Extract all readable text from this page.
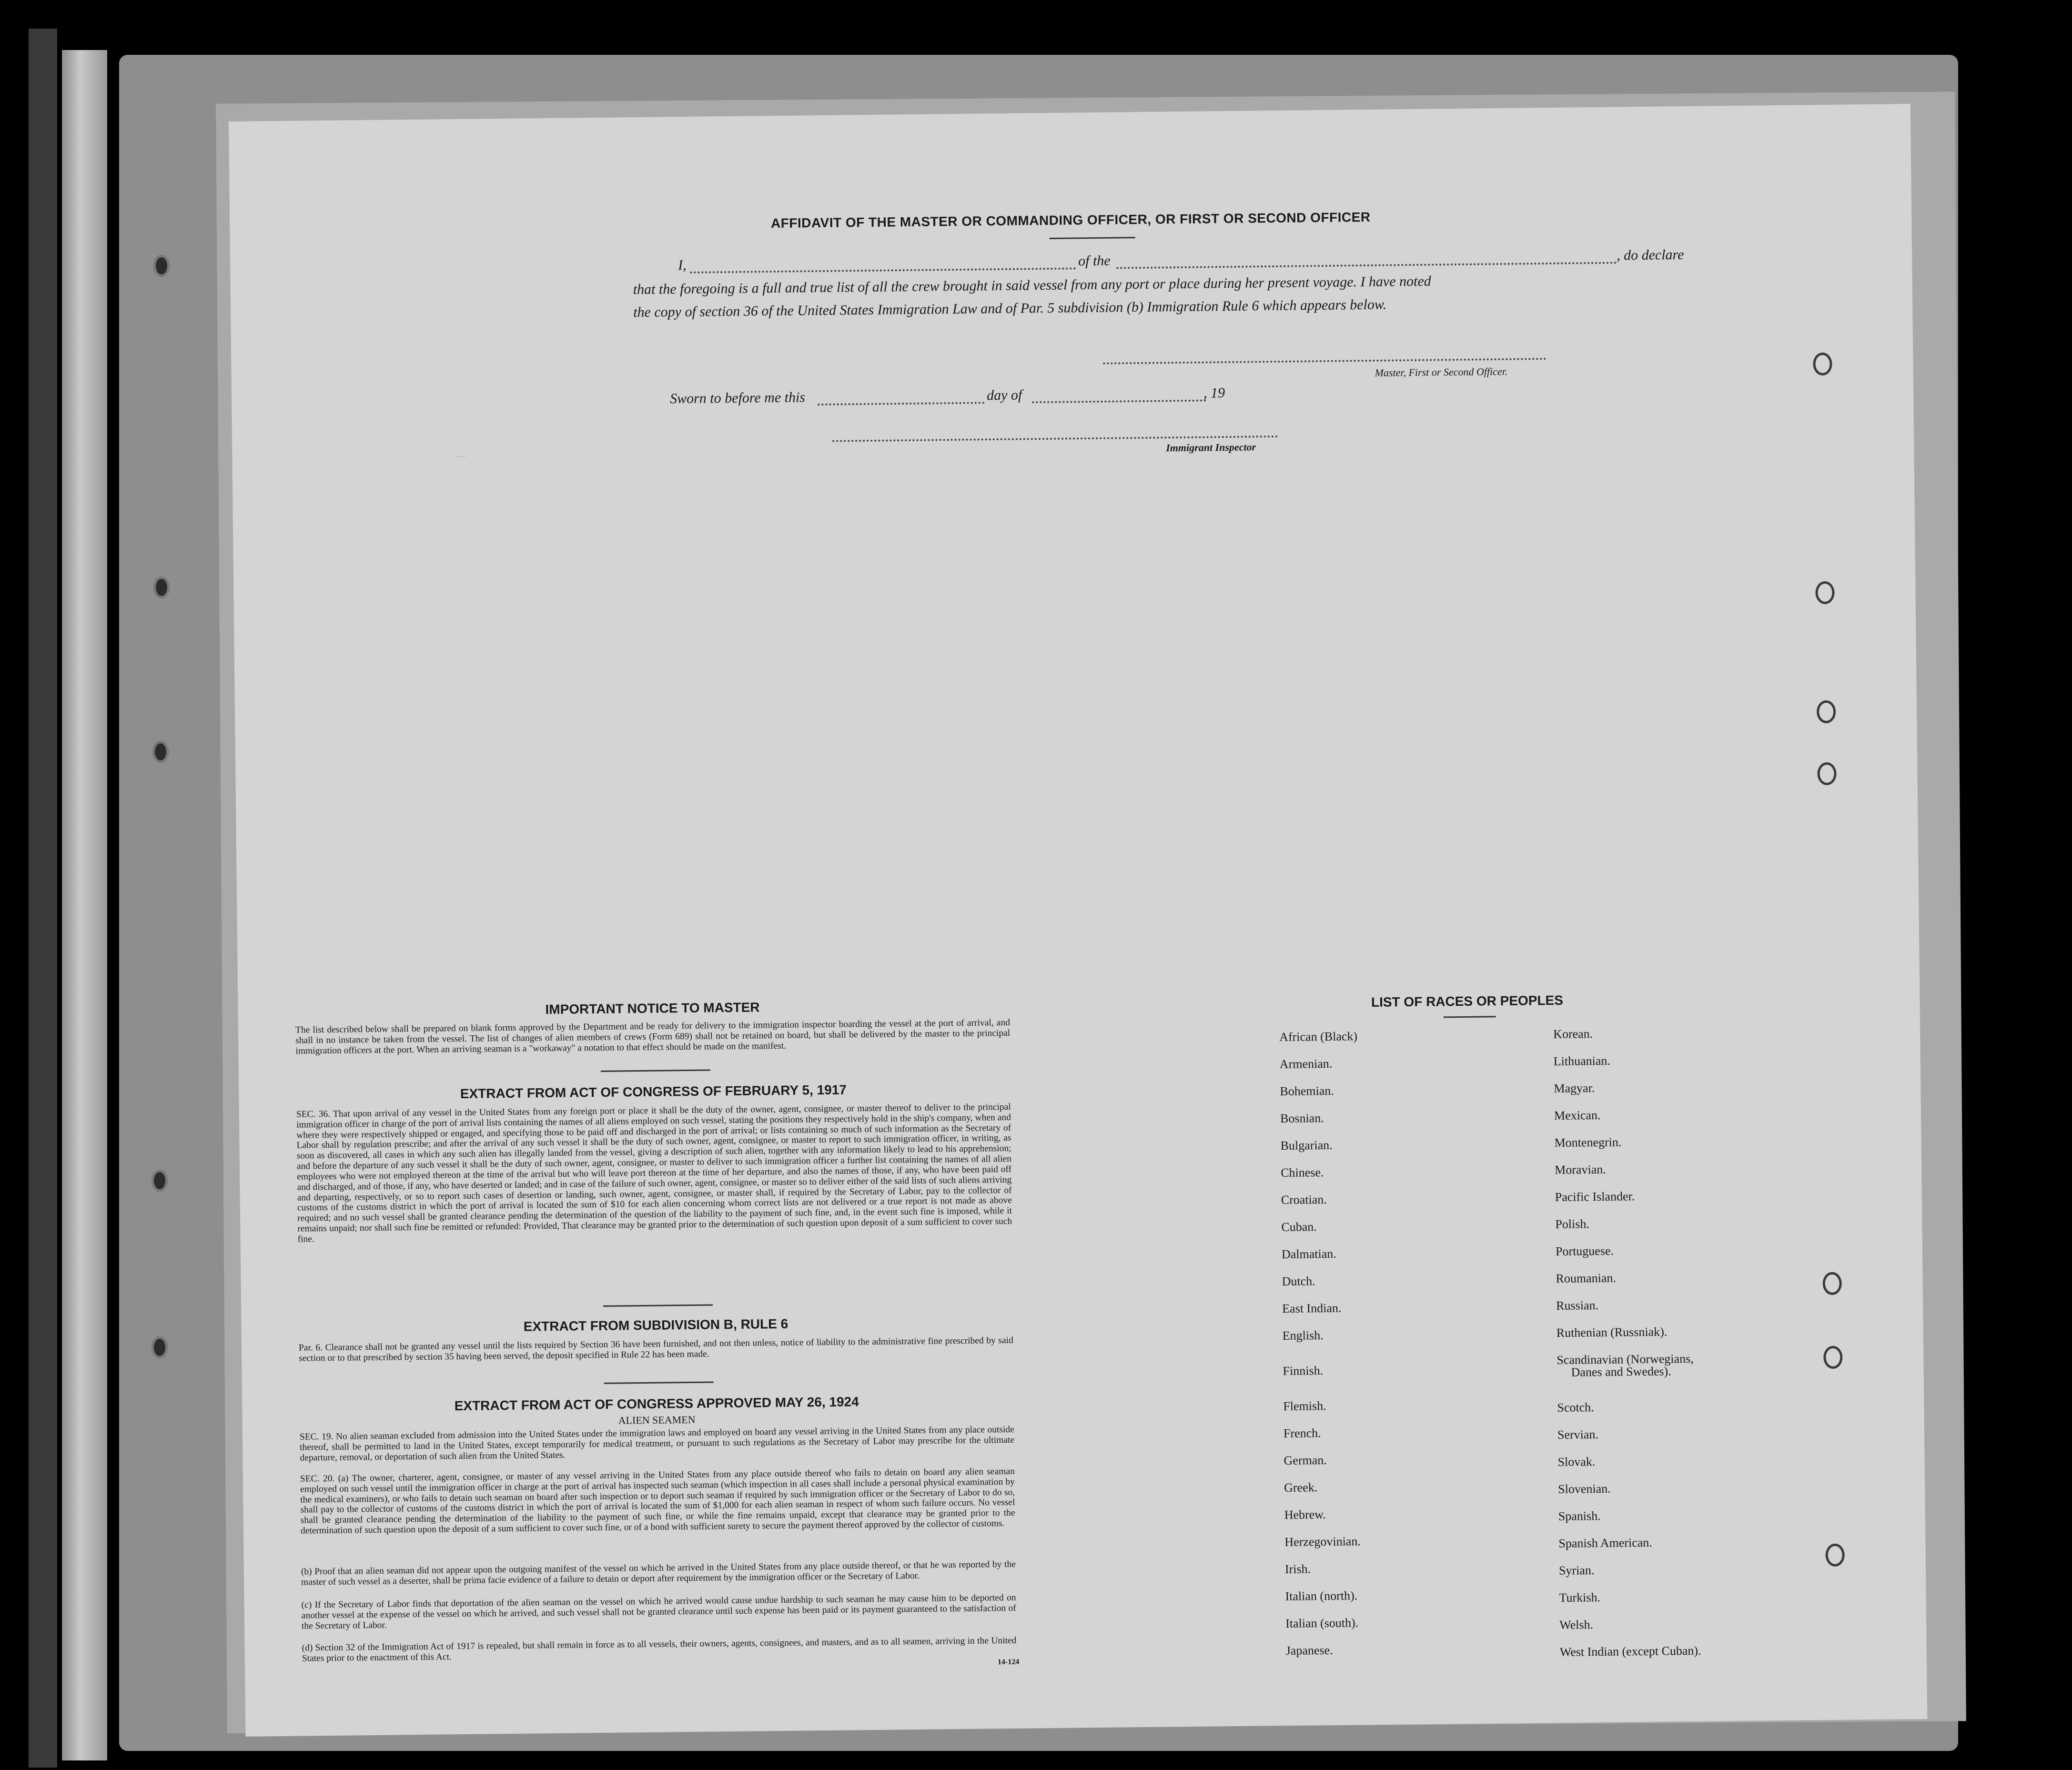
—
AFFIDAVIT OF THE MASTER OR COMMANDING OFFICER, OR FIRST OR SECOND OFFICER
I,	of the	, do declare
that the foregoing is a full and true list of all the crew brought in said vessel from any port or place during her present voyage. I have noted
the copy of section 36 of the United States Immigration Law and of Par. 5 subdivision (b) Immigration Rule 6 which appears below.
Master, First or Second Officer.
Sworn to before me this	day of	, 19
Immigrant Inspector
IMPORTANT NOTICE TO MASTER
The list described below shall be prepared on blank forms approved by the Department and be ready for delivery to the immigration inspector boarding the vessel at the port of arrival, and shall in no instance be taken from the vessel. The list of changes of alien members of crews (Form 689) shall not be retained on board, but shall be delivered by the master to the principal immigration officers at the port. When an arriving seaman is a "workaway" a notation to that effect should be made on the manifest.
EXTRACT FROM ACT OF CONGRESS OF FEBRUARY 5, 1917
SEC. 36. That upon arrival of any vessel in the United States from any foreign port or place it shall be the duty of the owner, agent, consignee, or master thereof to deliver to the principal immigration officer in charge of the port of arrival lists containing the names of all aliens employed on such vessel, stating the positions they respectively hold in the ship's company, when and where they were respectively shipped or engaged, and specifying those to be paid off and discharged in the port of arrival; or lists containing so much of such information as the Secretary of Labor shall by regulation prescribe; and after the arrival of any such vessel it shall be the duty of such owner, agent, consignee, or master to report to such immigration officer, in writing, as soon as discovered, all cases in which any such alien has illegally landed from the vessel, giving a description of such alien, together with any information likely to lead to his apprehension; and before the departure of any such vessel it shall be the duty of such owner, agent, consignee, or master to deliver to such immigration officer a further list containing the names of all alien employees who were not employed thereon at the time of the arrival but who will leave port thereon at the time of her departure, and also the names of those, if any, who have been paid off and discharged, and of those, if any, who have deserted or landed; and in case of the failure of such owner, agent, consignee, or master so to deliver either of the said lists of such aliens arriving and departing, respectively, or so to report such cases of desertion or landing, such owner, agent, consignee, or master shall, if required by the Secretary of Labor, pay to the collector of customs of the customs district in which the port of arrival is located the sum of $10 for each alien concerning whom correct lists are not delivered or a true report is not made as above required; and no such vessel shall be granted clearance pending the determination of the question of the liability to the payment of such fine, and, in the event such fine is imposed, while it remains unpaid; nor shall such fine be remitted or refunded: Provided, That clearance may be granted prior to the determination of such question upon deposit of a sum sufficient to cover such fine.
EXTRACT FROM SUBDIVISION B, RULE 6
Par. 6. Clearance shall not be granted any vessel until the lists required by Section 36 have been furnished, and not then unless, notice of liability to the administrative fine prescribed by said section or to that prescribed by section 35 having been served, the deposit specified in Rule 22 has been made.
EXTRACT FROM ACT OF CONGRESS APPROVED MAY 26, 1924
ALIEN SEAMEN
SEC. 19. No alien seaman excluded from admission into the United States under the immigration laws and employed on board any vessel arriving in the United States from any place outside thereof, shall be permitted to land in the United States, except temporarily for medical treatment, or pursuant to such regulations as the Secretary of Labor may prescribe for the ultimate departure, removal, or deportation of such alien from the United States.
SEC. 20. (a) The owner, charterer, agent, consignee, or master of any vessel arriving in the United States from any place outside thereof who fails to detain on board any alien seaman employed on such vessel until the immigration officer in charge at the port of arrival has inspected such seaman (which inspection in all cases shall include a personal physical examination by the medical examiners), or who fails to detain such seaman on board after such inspection or to deport such seaman if required by such immigration officer or the Secretary of Labor to do so, shall pay to the collector of customs of the customs district in which the port of arrival is located the sum of $1,000 for each alien seaman in respect of whom such failure occurs. No vessel shall be granted clearance pending the determination of the liability to the payment of such fine, or while the fine remains unpaid, except that clearance may be granted prior to the determination of such question upon the deposit of a sum sufficient to cover such fine, or of a bond with sufficient surety to secure the payment thereof approved by the collector of customs.
(b) Proof that an alien seaman did not appear upon the outgoing manifest of the vessel on which he arrived in the United States from any place outside thereof, or that he was reported by the master of such vessel as a deserter, shall be prima facie evidence of a failure to detain or deport after requirement by the immigration officer or the Secretary of Labor.
(c) If the Secretary of Labor finds that deportation of the alien seaman on the vessel on which he arrived would cause undue hardship to such seaman he may cause him to be deported on another vessel at the expense of the vessel on which he arrived, and such vessel shall not be granted clearance until such expense has been paid or its payment guaranteed to the satisfaction of the Secretary of Labor.
(d) Section 32 of the Immigration Act of 1917 is repealed, but shall remain in force as to all vessels, their owners, agents, consignees, and masters, and as to all seamen, arriving in the United States prior to the enactment of this Act.	14-124
LIST OF RACES OR PEOPLES
African (Black)
Armenian.
Bohemian.
Bosnian.
Bulgarian.
Chinese.
Croatian.
Cuban.
Dalmatian.
Dutch.
East Indian.
English.
Finnish.
Flemish.
French.
German.
Greek.
Hebrew.
Herzegovinian.
Irish.
Italian (north).
Italian (south).
Japanese.
Korean.
Lithuanian.
Magyar.
Mexican.
Montenegrin.
Moravian.
Pacific Islander.
Polish.
Portuguese.
Roumanian.
Russian.
Ruthenian (Russniak).
Scandinavian (Norwegians,
Danes and Swedes).
Scotch.
Servian.
Slovak.
Slovenian.
Spanish.
Spanish American.
Syrian.
Turkish.
Welsh.
West Indian (except Cuban).
